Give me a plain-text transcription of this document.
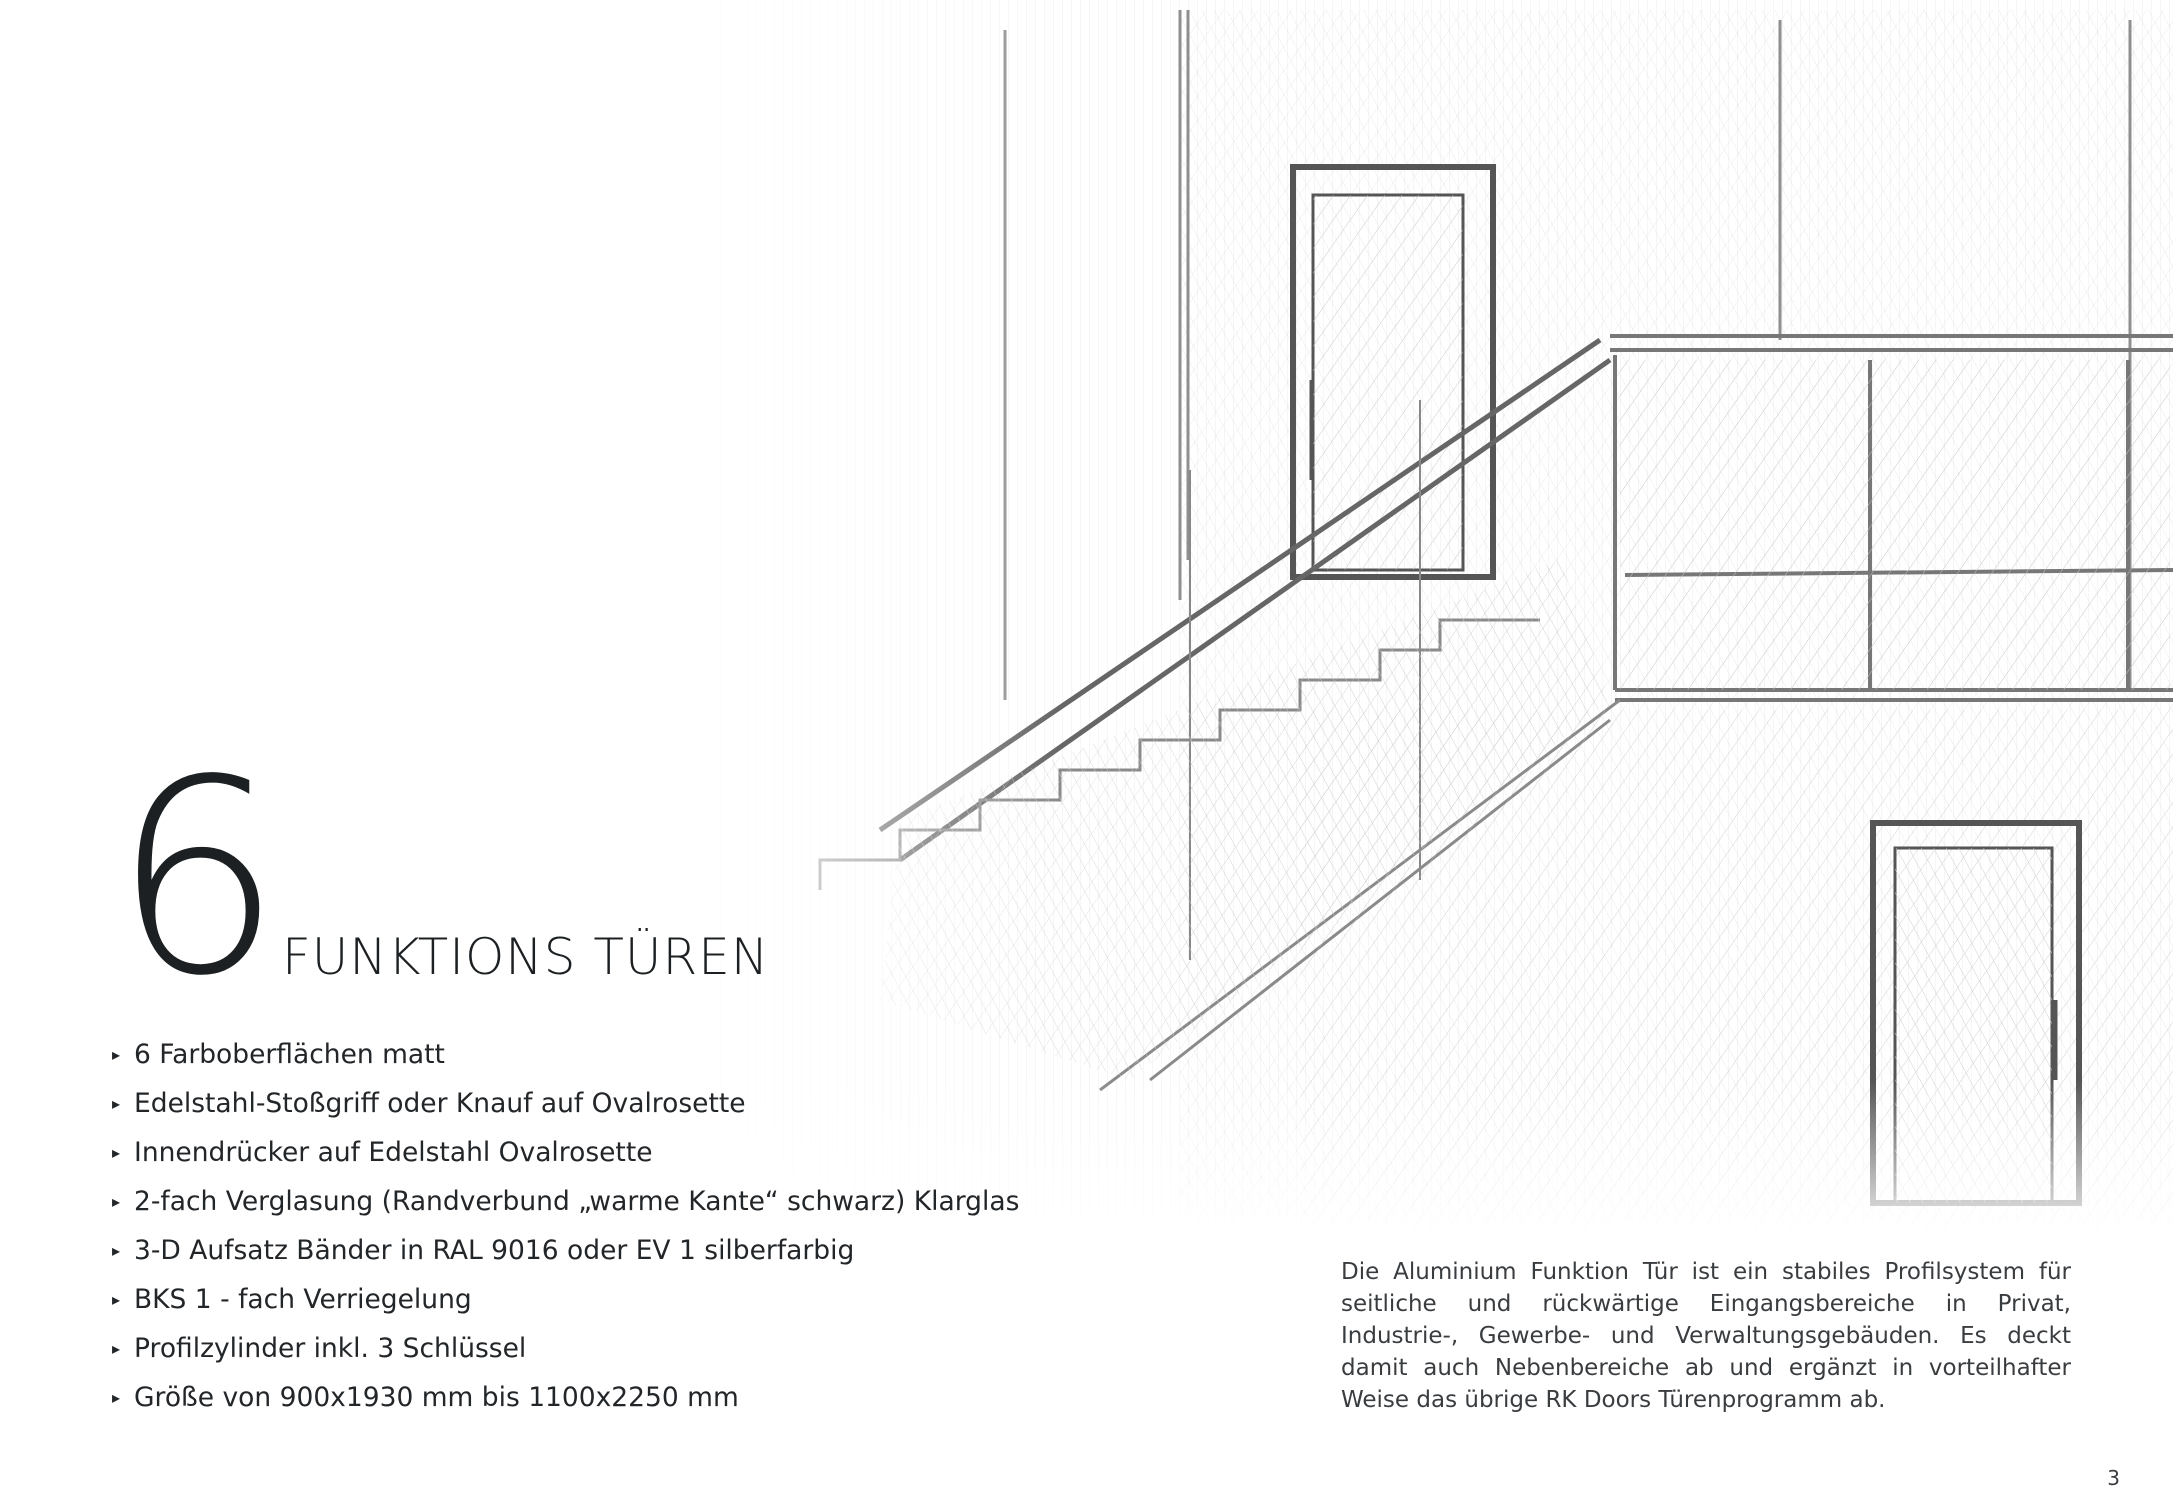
6 FUNKTIONS TÜREN
▸ 6 Farboberflächen matt
▸ Edelstahl-Stoßgriff oder Knauf auf Ovalrosette
▸ Innendrücker auf Edelstahl Ovalrosette
▸ 2-fach Verglasung (Randverbund „warme Kante“ schwarz) Klarglas
▸ 3-D Aufsatz Bänder in RAL 9016 oder EV 1 silberfarbig
▸ BKS 1 - fach Verriegelung
▸ Profilzylinder inkl. 3 Schlüssel
▸ Größe von 900x1930 mm bis 1100x2250 mm

Die Aluminium Funktion Tür ist ein stabiles Profilsystem für seitliche und rückwärtige Eingangsbereiche in Privat, Industrie-, Gewerbe- und Verwaltungsgebäuden. Es deckt damit auch Nebenbereiche ab und ergänzt in vorteilhafter Weise das übrige RK Doors Türenprogramm ab.

3
